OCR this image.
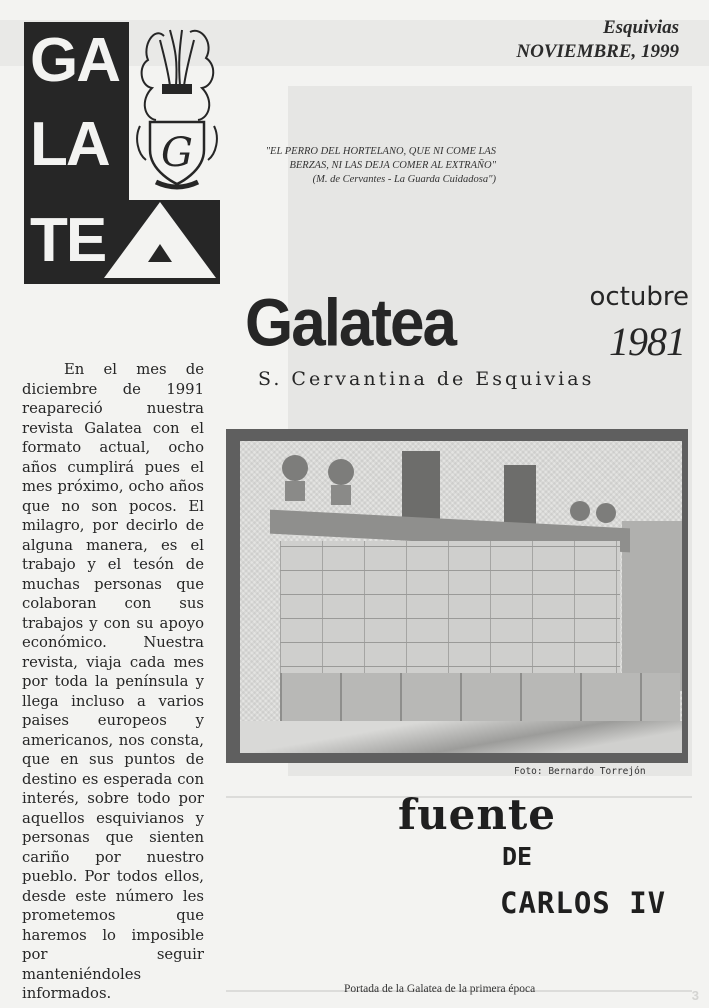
GA
LA
TE
G
Esquivias
NOVIEMBRE, 1999
"EL PERRO DEL HORTELANO, QUE NI COME LAS
BERZAS, NI LAS DEJA COMER AL EXTRAÑO"
(M. de Cervantes - La Guarda Cuidadosa")

En el mes de diciembre de 1991 reapareció nuestra revista Galatea con el formato actual, ocho años cumplirá pues el mes próximo, ocho años que no son pocos. El milagro, por decirlo de alguna manera, es el trabajo y el tesón de muchas personas que colaboran con sus trabajos y con su apoyo económico. Nuestra revista, viaja cada mes por toda la península y llega incluso a varios paises europeos y americanos, nos consta, que en sus puntos de destino es esperada con interés, sobre todo por aquellos esquivianos y personas que sienten cariño por nuestro pueblo. Por todos ellos, desde este número les prometemos que haremos lo imposible por seguir manteniéndoles informados.

Galatea	octubre
1981
S. Cervantina de Esquivias
Foto: Bernardo Torrejón
fuente
DE
CARLOS IV
Portada de la Galatea de la primera época	3
